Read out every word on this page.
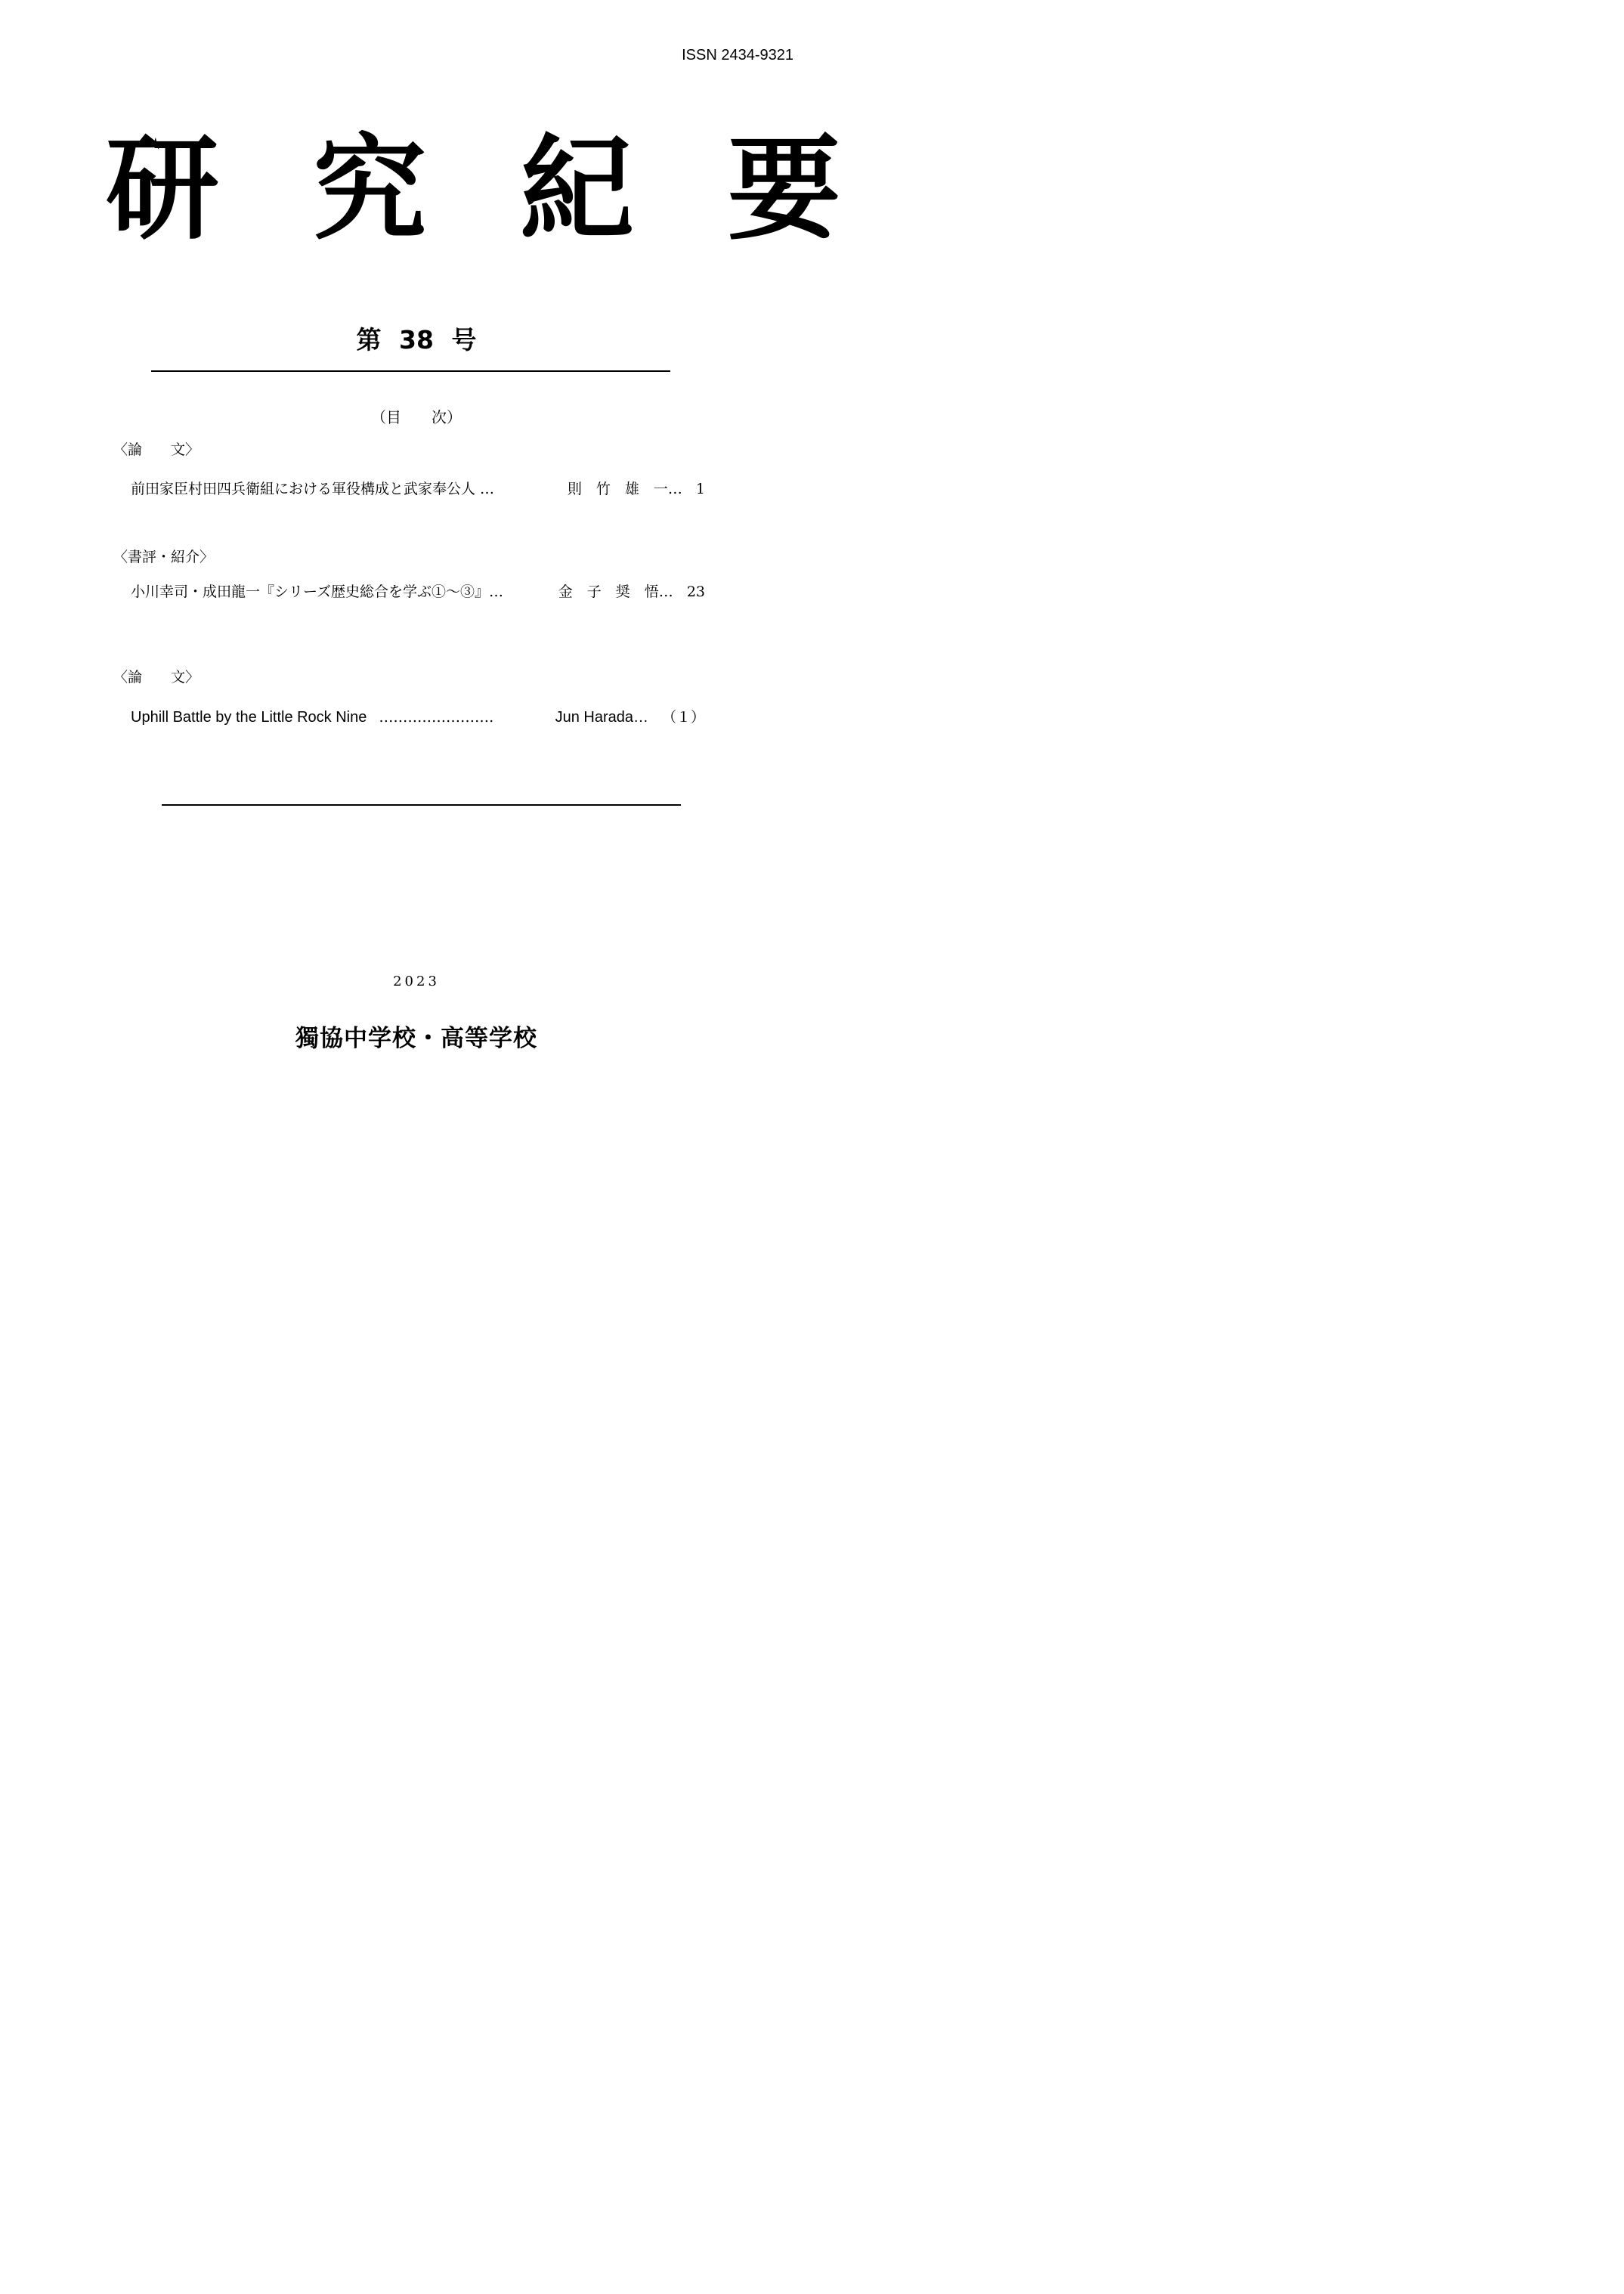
ISSN 2434-9321
研 究 紀 要
第 38 号
（目　　次）
〈論　　文〉
前田家臣村田四兵衛組における軍役構成と武家奉公人 …	則　竹　雄　一… 1
〈書評・紹介〉
小川幸司・成田龍一『シリーズ歴史総合を学ぶ①〜③』…	金　子　奨　悟… 23
〈論　　文〉
Uphill Battle by the Little Rock Nine ……………………	Jun Harada… （１）
2023
獨協中学校・高等学校
